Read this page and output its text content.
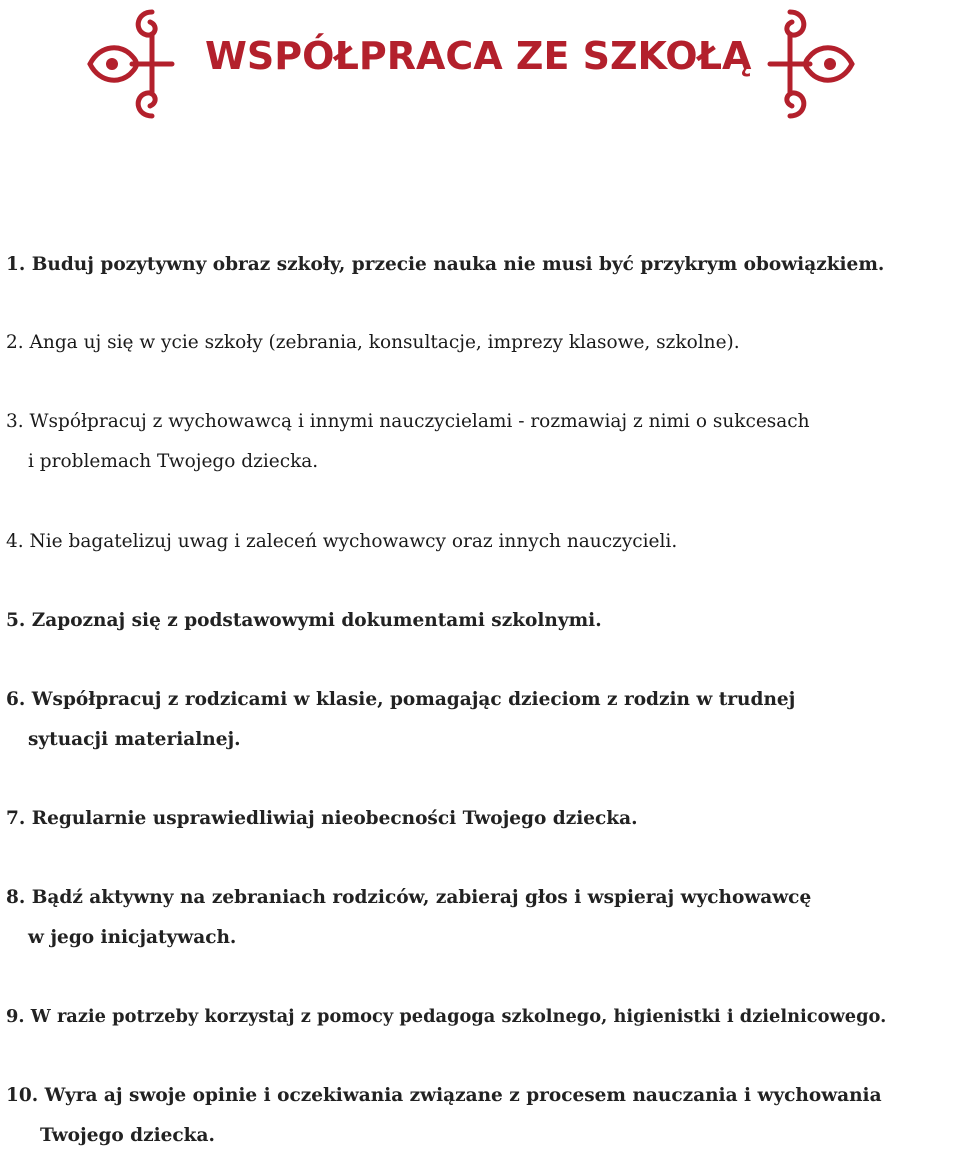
WSPÓŁPRACA ZE SZKOŁĄ
1. Buduj pozytywny obraz szkoły, przecie nauka nie musi być przykrym obowiązkiem.
2. Anga uj się w ycie szkoły (zebrania, konsultacje, imprezy klasowe, szkolne).
3. Współpracuj z wychowawcą i innymi nauczycielami - rozmawiaj z nimi o sukcesach
i problemach Twojego dziecka.
4. Nie bagatelizuj uwag i zaleceń wychowawcy oraz innych nauczycieli.
5. Zapoznaj się z podstawowymi dokumentami szkolnymi.
6. Współpracuj z rodzicami w klasie, pomagając dzieciom z rodzin w trudnej
sytuacji materialnej.
7. Regularnie usprawiedliwiaj nieobecności Twojego dziecka.
8. Bądź aktywny na zebraniach rodziców, zabieraj głos i wspieraj wychowawcę
w jego inicjatywach.
9. W razie potrzeby korzystaj z pomocy pedagoga szkolnego, higienistki i dzielnicowego.
10. Wyra aj swoje opinie i oczekiwania związane z procesem nauczania i wychowania
Twojego dziecka.
